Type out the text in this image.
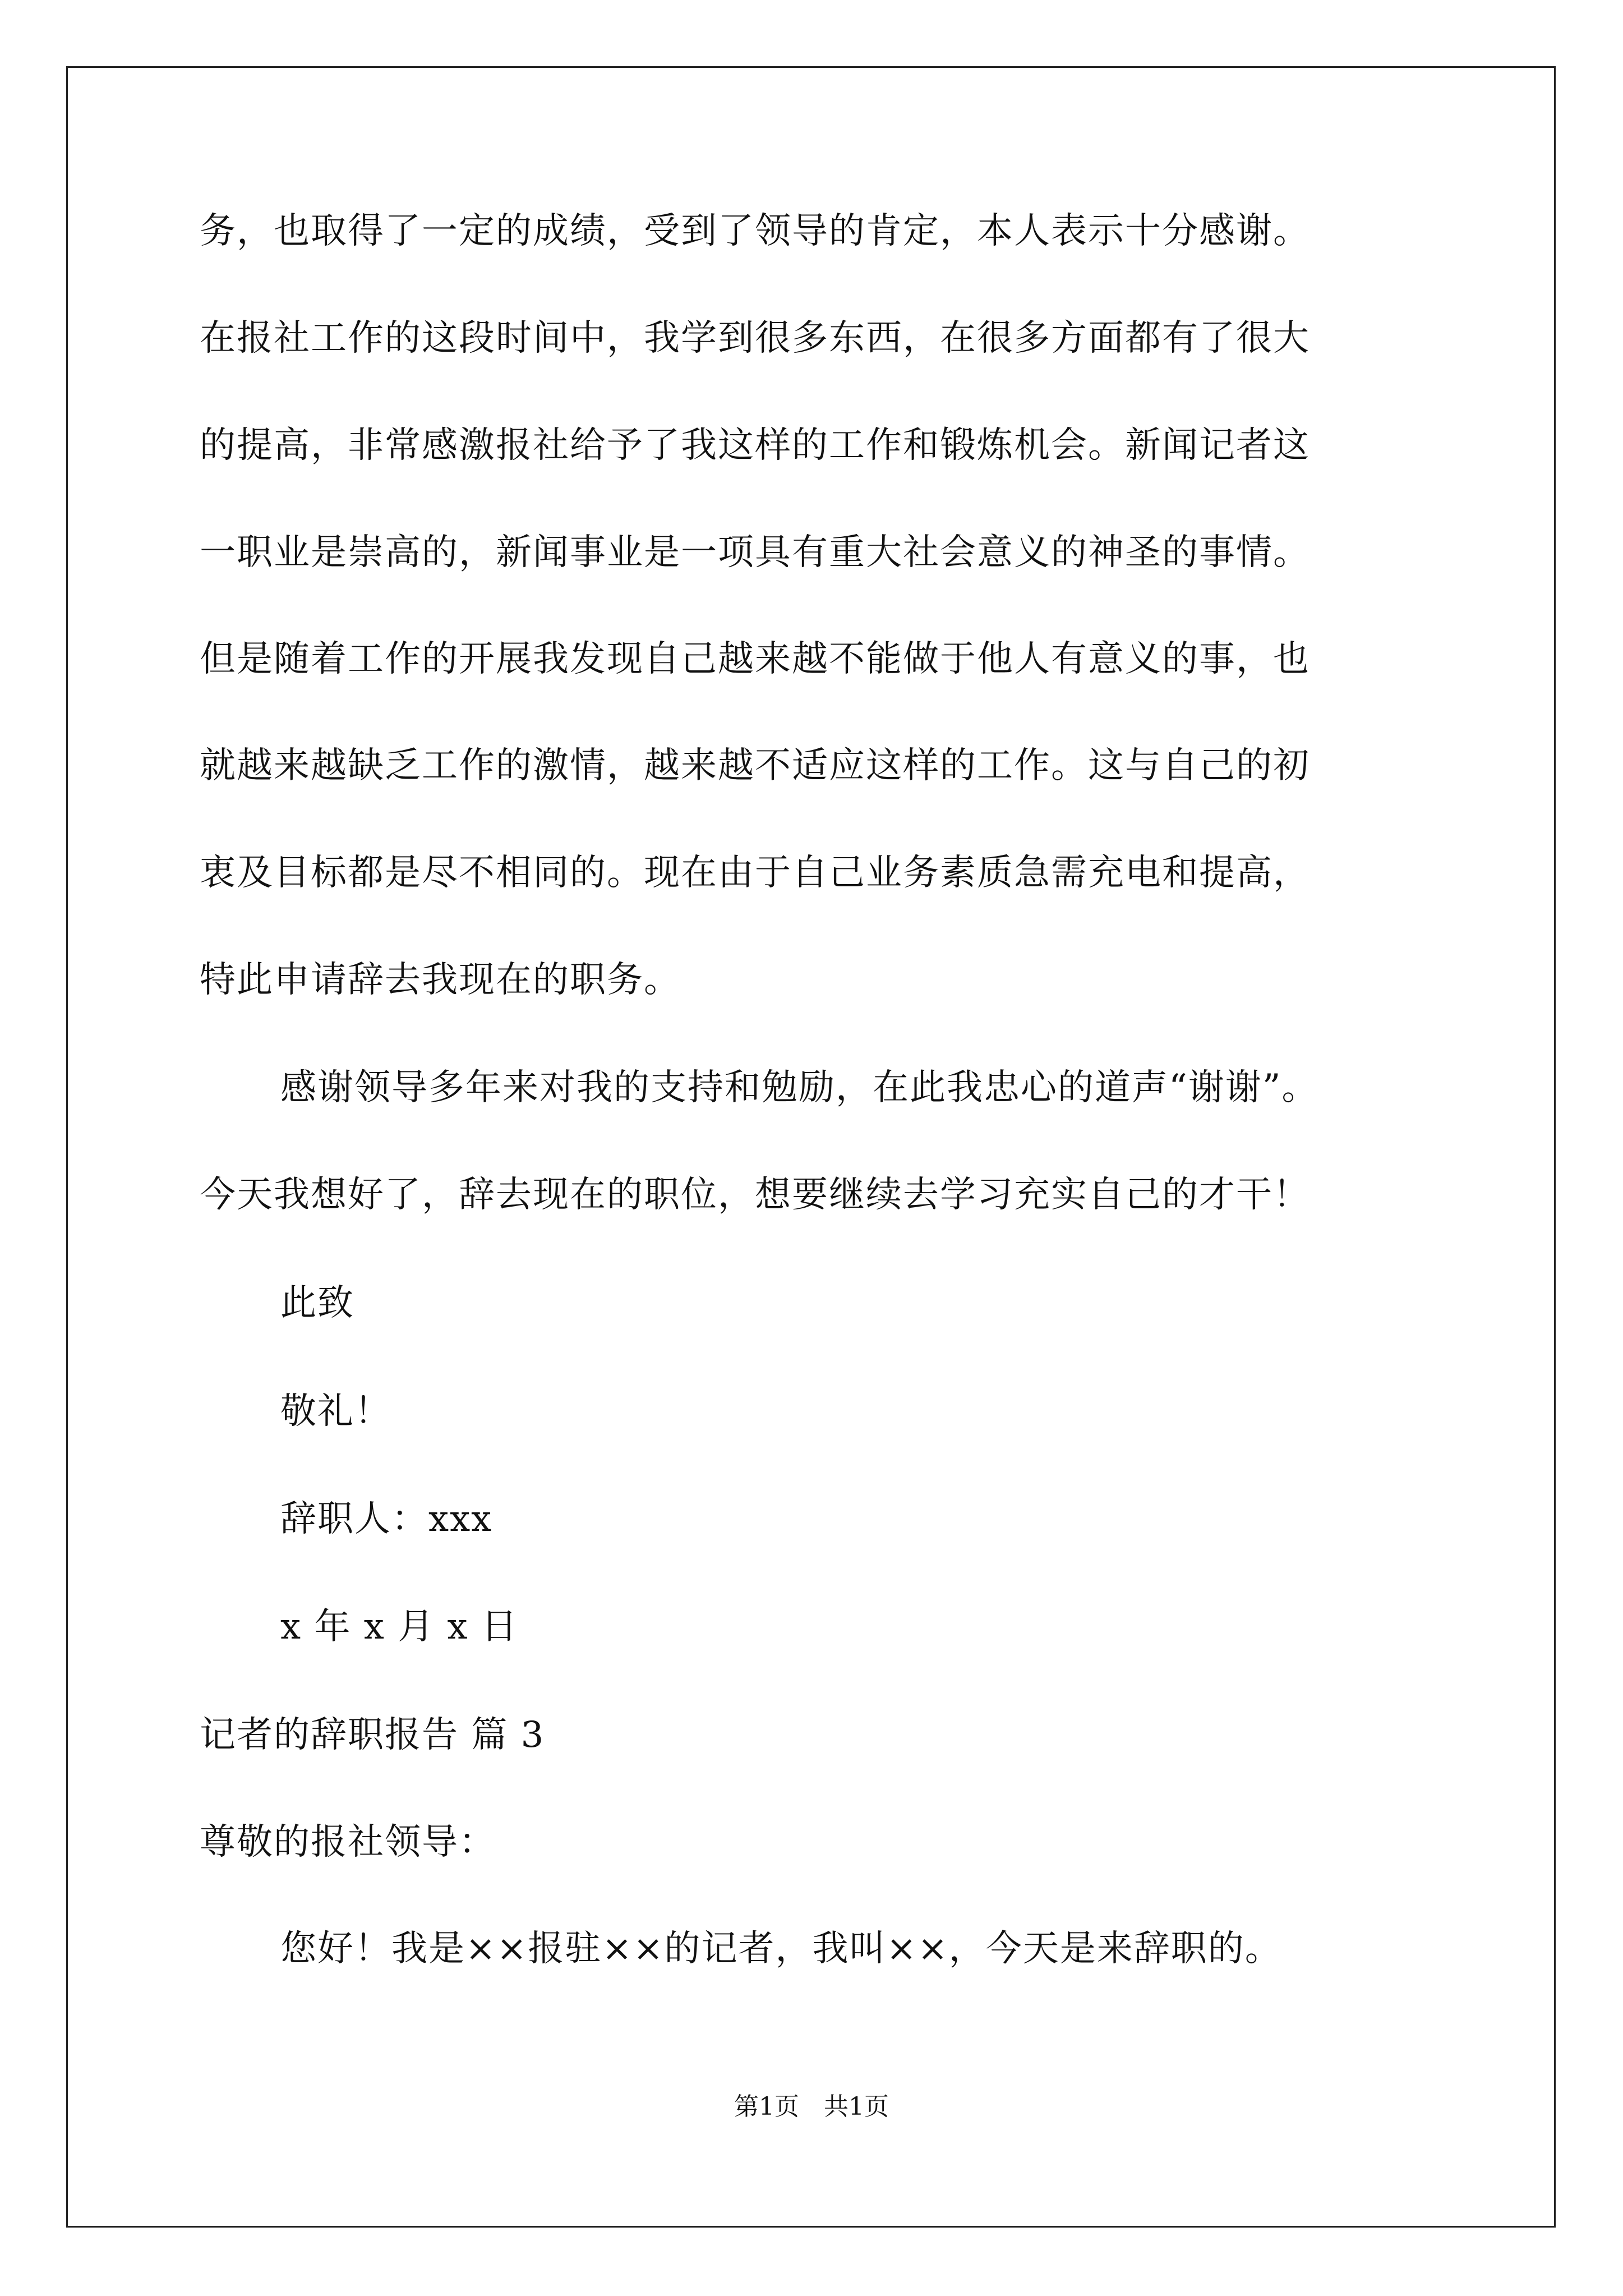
务，也取得了一定的成绩，受到了领导的肯定，本人表示十分感谢。
在报社工作的这段时间中，我学到很多东西，在很多方面都有了很大
的提高，非常感激报社给予了我这样的工作和锻炼机会。新闻记者这
一职业是崇高的，新闻事业是一项具有重大社会意义的神圣的事情。
但是随着工作的开展我发现自己越来越不能做于他人有意义的事，也
就越来越缺乏工作的激情，越来越不适应这样的工作。这与自己的初
衷及目标都是尽不相同的。现在由于自己业务素质急需充电和提高，
特此申请辞去我现在的职务。
感谢领导多年来对我的支持和勉励，在此我忠心的道声“谢谢”。
今天我想好了，辞去现在的职位，想要继续去学习充实自己的才干！
此致
敬礼！
辞职人：xxx
x 年 x 月 x 日
记者的辞职报告 篇 3
尊敬的报社领导：
您好！我是××报驻××的记者，我叫××，今天是来辞职的。
第1页　共1页
